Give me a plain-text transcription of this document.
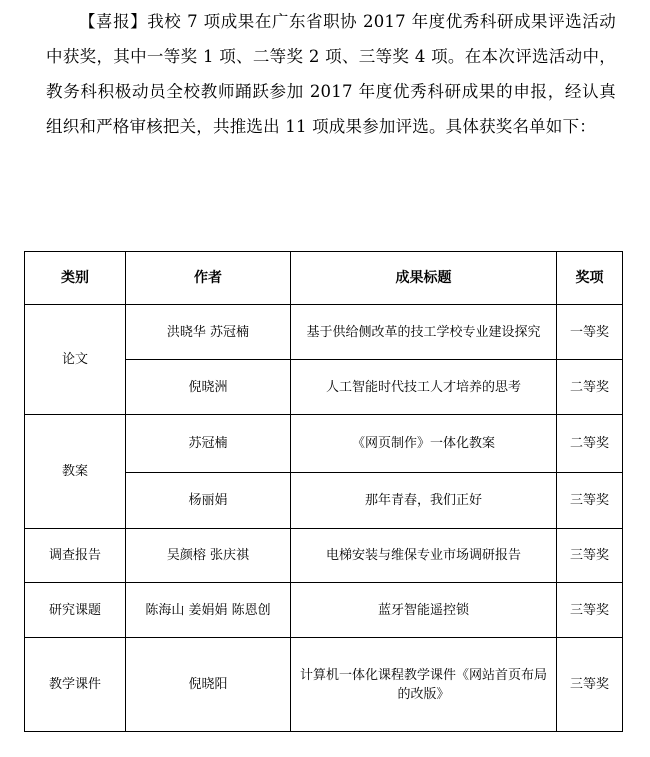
【喜报】我校 7 项成果在广东省职协 2017 年度优秀科研成果评选活动中获奖，其中一等奖 1 项、二等奖 2 项、三等奖 4 项。在本次评选活动中，教务科积极动员全校教师踊跃参加 2017 年度优秀科研成果的申报，经认真组织和严格审核把关，共推选出 11 项成果参加评选。具体获奖名单如下：

类别	作者	成果标题	奖项
论文	洪晓华 苏冠楠	基于供给侧改革的技工学校专业建设探究	一等奖
	倪晓洲	人工智能时代技工人才培养的思考	二等奖
教案	苏冠楠	《网页制作》一体化教案	二等奖
	杨丽娟	那年青春，我们正好	三等奖
调查报告	吴颜榕 张庆祺	电梯安装与维保专业市场调研报告	三等奖
研究课题	陈海山 姜娟娟 陈恩创	蓝牙智能遥控锁	三等奖
教学课件	倪晓阳	计算机一体化课程教学课件《网站首页布局的改版》	三等奖
